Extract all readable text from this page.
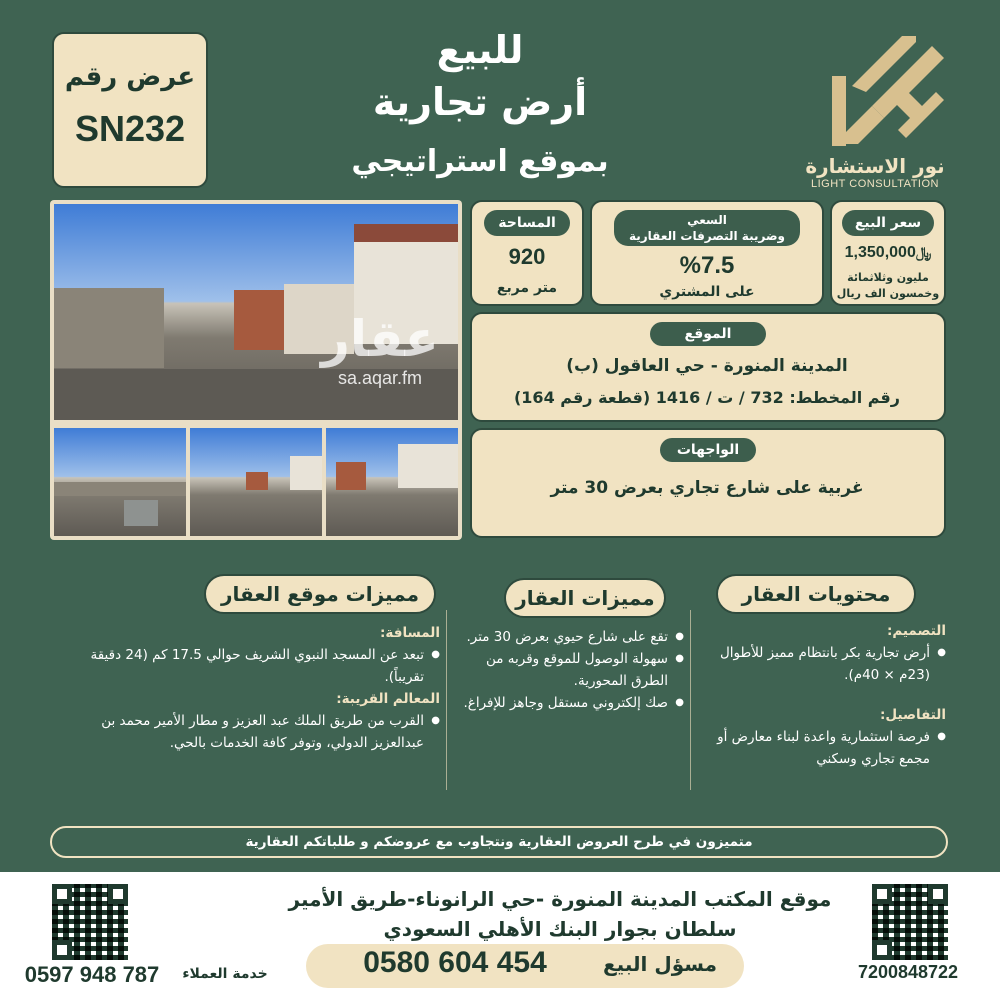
عرض رقم
SN232
للبيع
أرض تجارية
بموقع استراتيجي	نور الاستشارة
LIGHT CONSULTATION
عقار
sa.aqar.fm
سعر البيع
﷼1,350,000
مليون وثلاثمائة وخمسون الف ريال
السعي
وضريبة التصرفات العقارية
%7.5
على المشتري
المساحة
920
متر مربع
الموقع
المدينة المنورة - حي العاقول (ب)
رقم المخطط: 732 / ت / 1416 (قطعة رقم 164)
الواجهات
غربية على شارع تجاري بعرض 30 متر
محتويات العقار
مميزات العقار
مميزات موقع العقار
التصميم:
● أرض تجارية بكر بانتظام مميز للأطوال (23م × 40م).
التفاصيل:
● فرصة استثمارية واعدة لبناء معارض أو مجمع تجاري وسكني
● تقع على شارع حيوي بعرض 30 متر.
● سهولة الوصول للموقع وقربه من الطرق المحورية.
● صك إلكتروني مستقل وجاهز للإفراغ.
المسافة:
● تبعد عن المسجد النبوي الشريف حوالي 17.5 كم (24 دقيقة تقريباً).
المعالم القريبة:
● القرب من طريق الملك عبد العزيز و مطار الأمير محمد بن عبدالعزيز الدولي، وتوفر كافة الخدمات بالحي.
متميزون في طرح العروض العقارية ونتجاوب مع عروضكم و طلباتكم العقارية
موقع المكتب المدينة المنورة -حي الرانوناء-طريق الأمير سلطان بجوار البنك الأهلي السعودي
مسؤل البيع
0580 604 454
خدمة العملاء
0597 948 787	7200848722
